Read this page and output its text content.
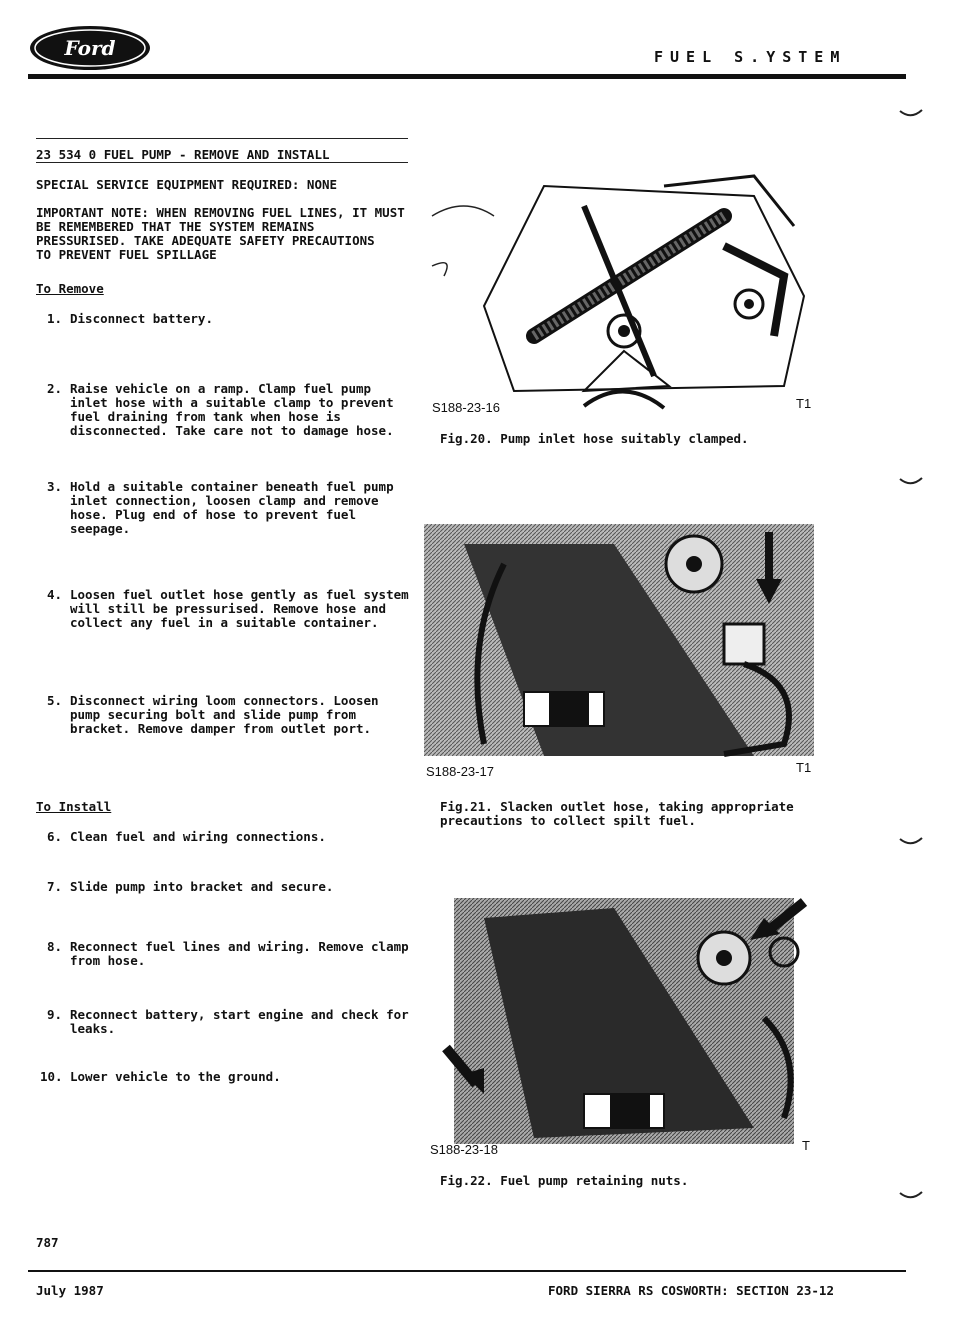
Ford	FUEL S.YSTEM
23 534 0 FUEL PUMP - REMOVE AND INSTALL
SPECIAL SERVICE EQUIPMENT REQUIRED: NONE
IMPORTANT NOTE: WHEN REMOVING FUEL LINES, IT MUST
BE REMEMBERED THAT THE SYSTEM REMAINS
PRESSURISED. TAKE ADEQUATE SAFETY PRECAUTIONS
TO PREVENT FUEL SPILLAGE
To Remove
1. Disconnect battery.
2. Raise vehicle on a ramp. Clamp fuel pump
inlet hose with a suitable clamp to prevent
fuel draining from tank when hose is
disconnected. Take care not to damage hose.
3. Hold a suitable container beneath fuel pump
inlet connection, loosen clamp and remove
hose. Plug end of hose to prevent fuel
seepage.
4. Loosen fuel outlet hose gently as fuel system
will still be pressurised. Remove hose and
collect any fuel in a suitable container.
5. Disconnect wiring loom connectors. Loosen
pump securing bolt and slide pump from
bracket. Remove damper from outlet port.
To Install
6. Clean fuel and wiring connections.
7. Slide pump into bracket and secure.
8. Reconnect fuel lines and wiring. Remove clamp
from hose.
9. Reconnect battery, start engine and check for
leaks.
10. Lower vehicle to the ground.
S188-23-16	T1
Fig.20. Pump inlet hose suitably clamped.
S188-23-17	T1
Fig.21. Slacken outlet hose, taking appropriate
precautions to collect spilt fuel.
S188-23-18	T
Fig.22. Fuel pump retaining nuts.
787
July 1987	FORD SIERRA RS COSWORTH: SECTION 23-12
